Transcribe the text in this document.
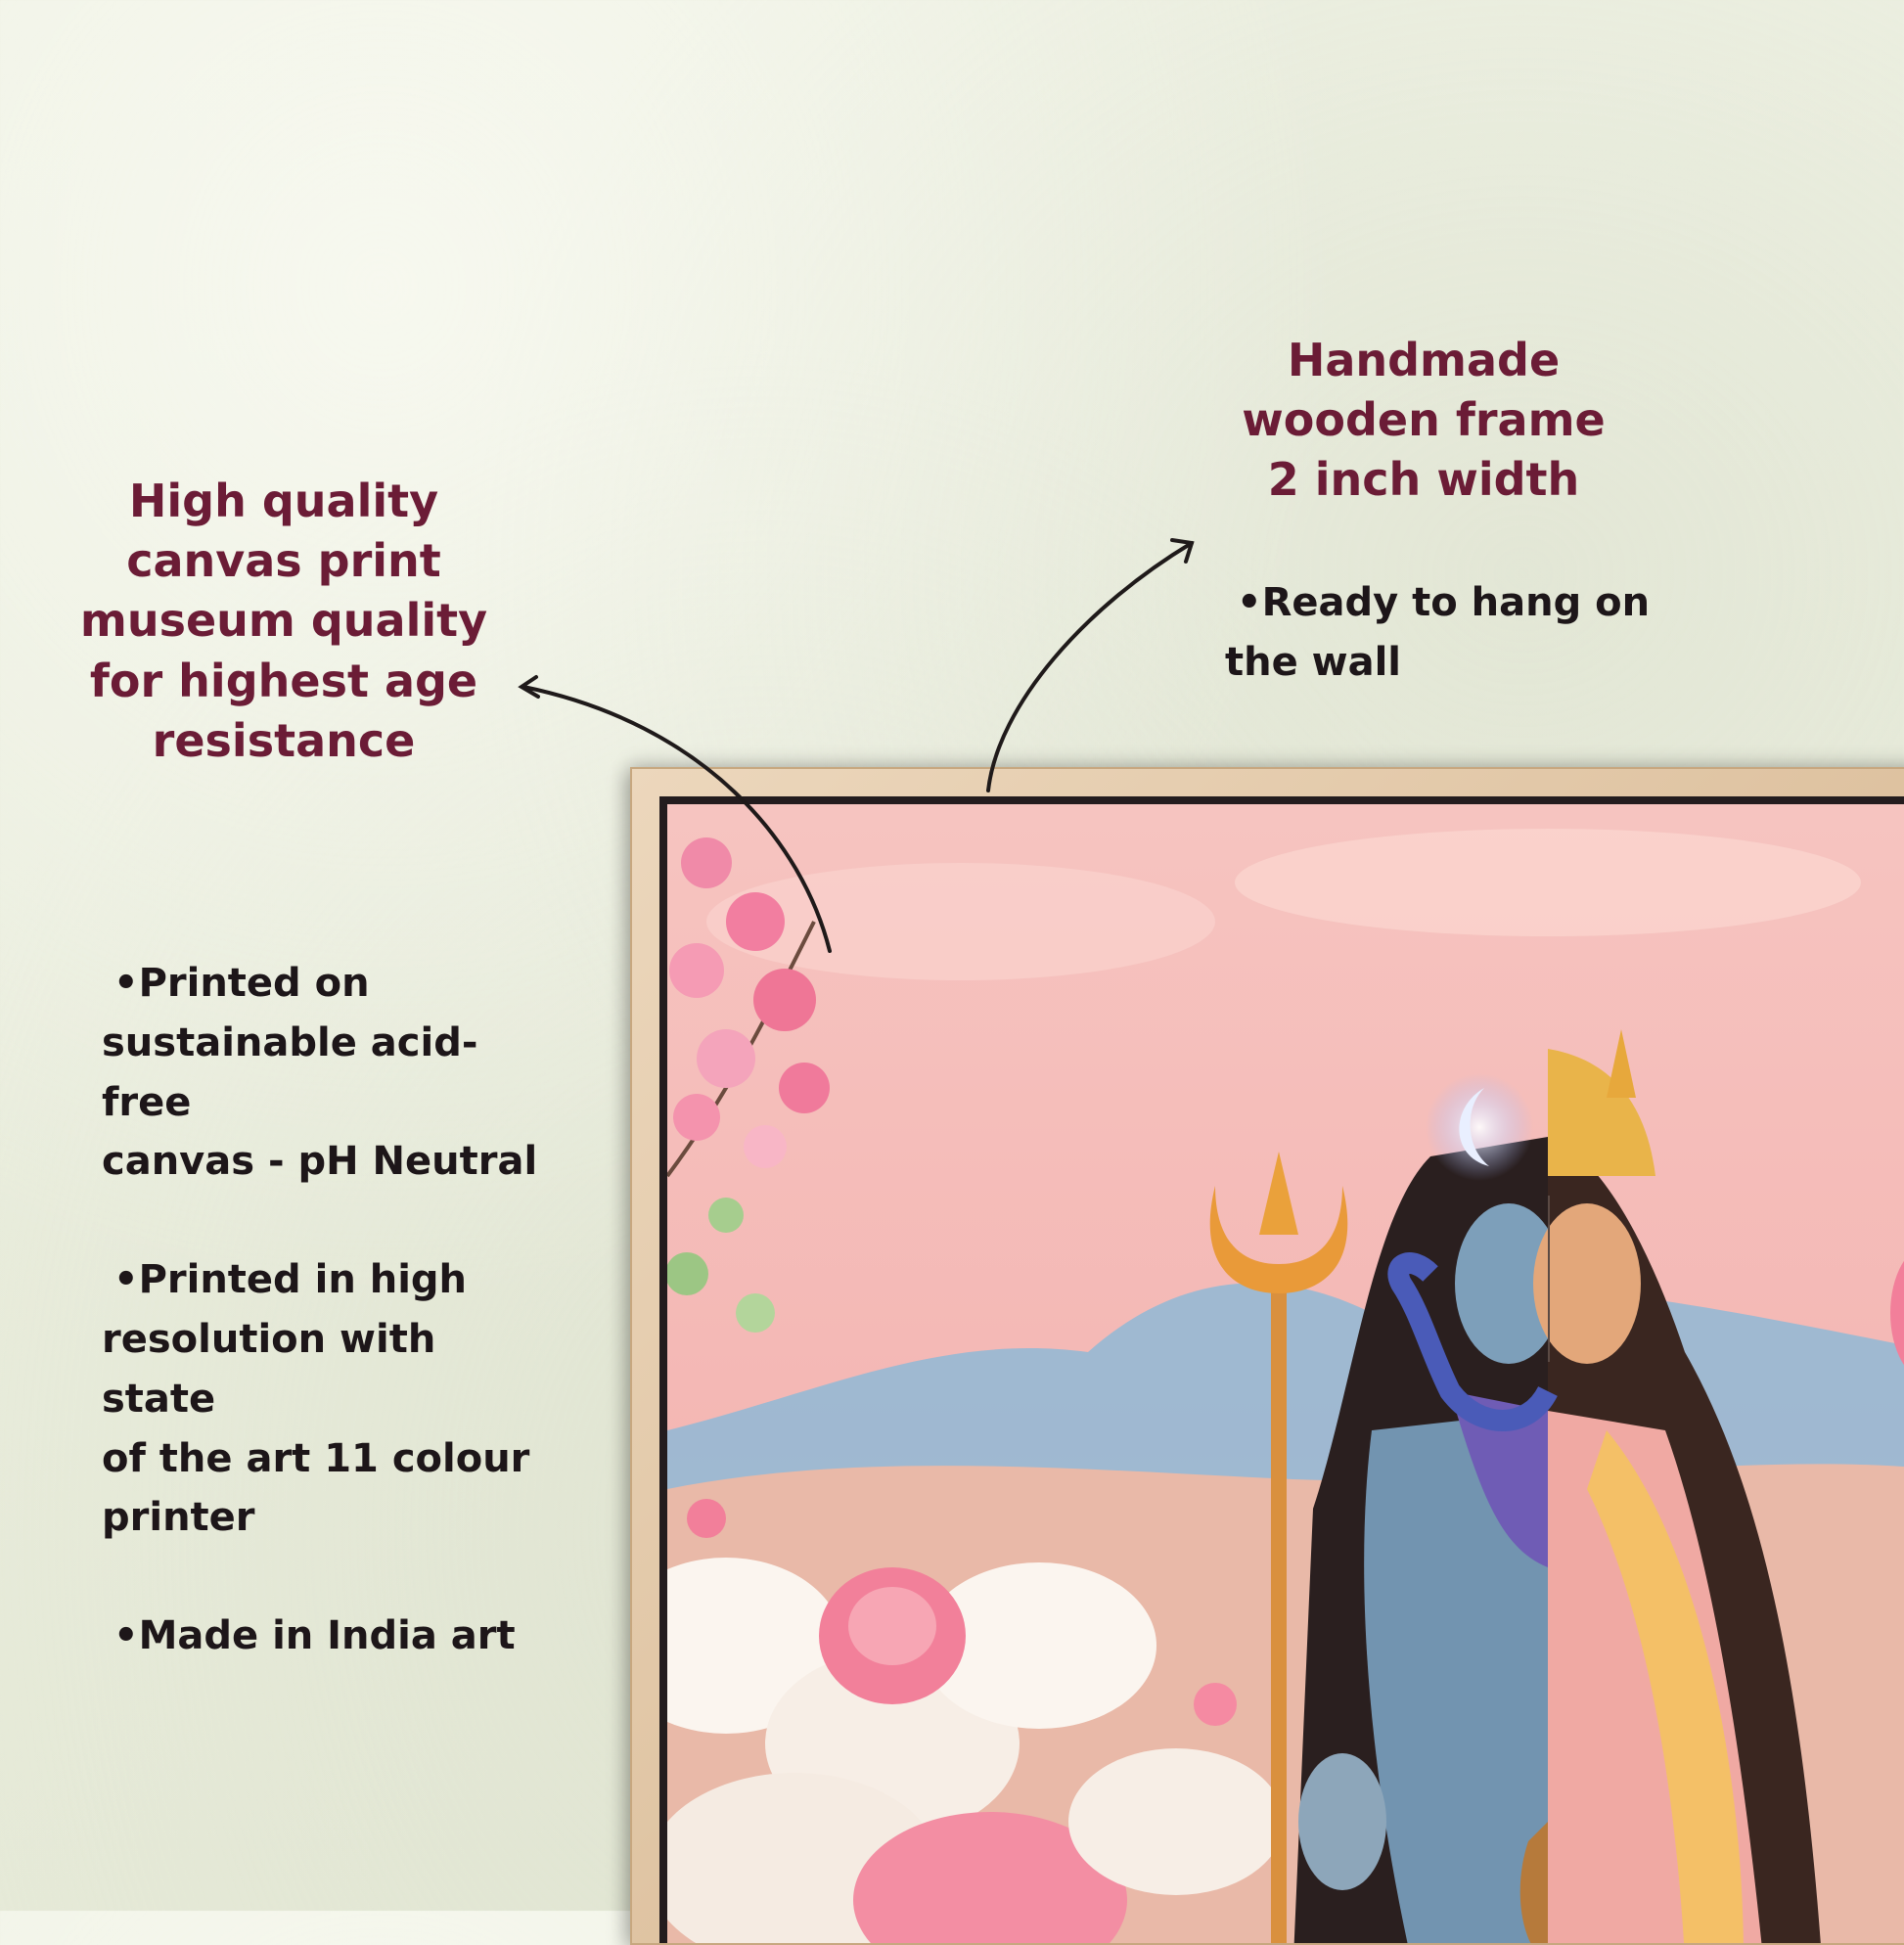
High quality
canvas print
museum quality
for highest age
resistance
Handmade
wooden frame
2 inch width
•Printed on
sustainable acid-free
canvas - pH Neutral
•Printed in high
resolution with state
of the art 11 colour
printer
•Made in India art
•Ready to hang on
the wall
